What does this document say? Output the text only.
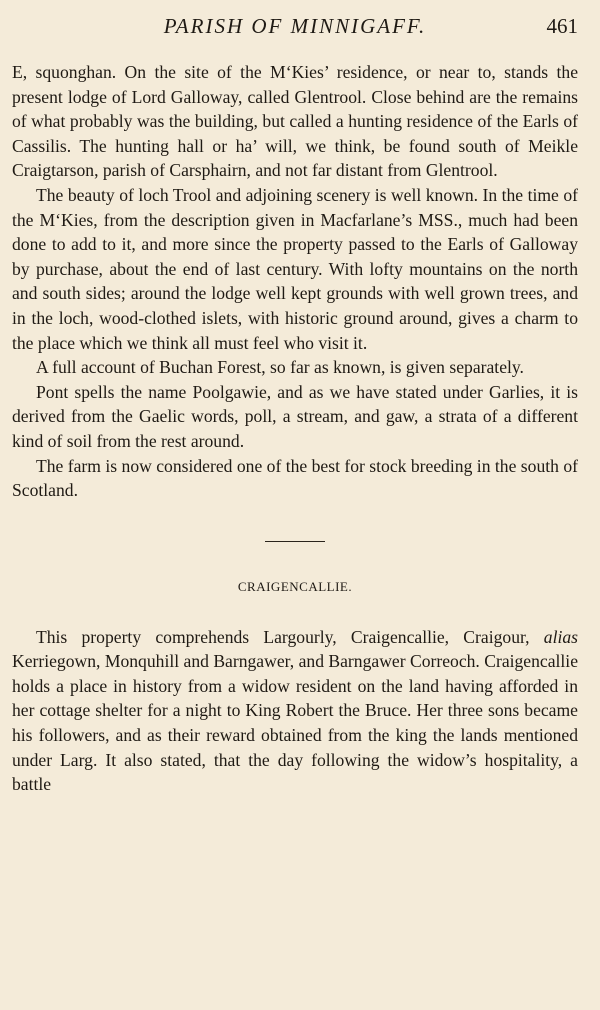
PARISH OF MINNIGAFF.	461

E, squonghan. On the site of the M‘Kies’ residence, or near to, stands the present lodge of Lord Galloway, called Glentrool. Close behind are the remains of what probably was the building, but called a hunting residence of the Earls of Cassilis. The hunting hall or ha’ will, we think, be found south of Meikle Craigtarson, parish of Carsphairn, and not far distant from Glentrool.

The beauty of loch Trool and adjoining scenery is well known. In the time of the M‘Kies, from the description given in Macfarlane’s MSS., much had been done to add to it, and more since the property passed to the Earls of Galloway by purchase, about the end of last century. With lofty mountains on the north and south sides; around the lodge well kept grounds with well grown trees, and in the loch, wood-clothed islets, with historic ground around, gives a charm to the place which we think all must feel who visit it.

A full account of Buchan Forest, so far as known, is given separately.

Pont spells the name Poolgawie, and as we have stated under Garlies, it is derived from the Gaelic words, poll, a stream, and gaw, a strata of a different kind of soil from the rest around.

The farm is now considered one of the best for stock breeding in the south of Scotland.

CRAIGENCALLIE.

This property comprehends Largourly, Craigencallie, Craigour, alias Kerriegown, Monquhill and Barngawer, and Barngawer Correoch. Craigencallie holds a place in history from a widow resident on the land having afforded in her cottage shelter for a night to King Robert the Bruce. Her three sons became his followers, and as their reward obtained from the king the lands mentioned under Larg. It also stated, that the day following the widow’s hospitality, a battle
